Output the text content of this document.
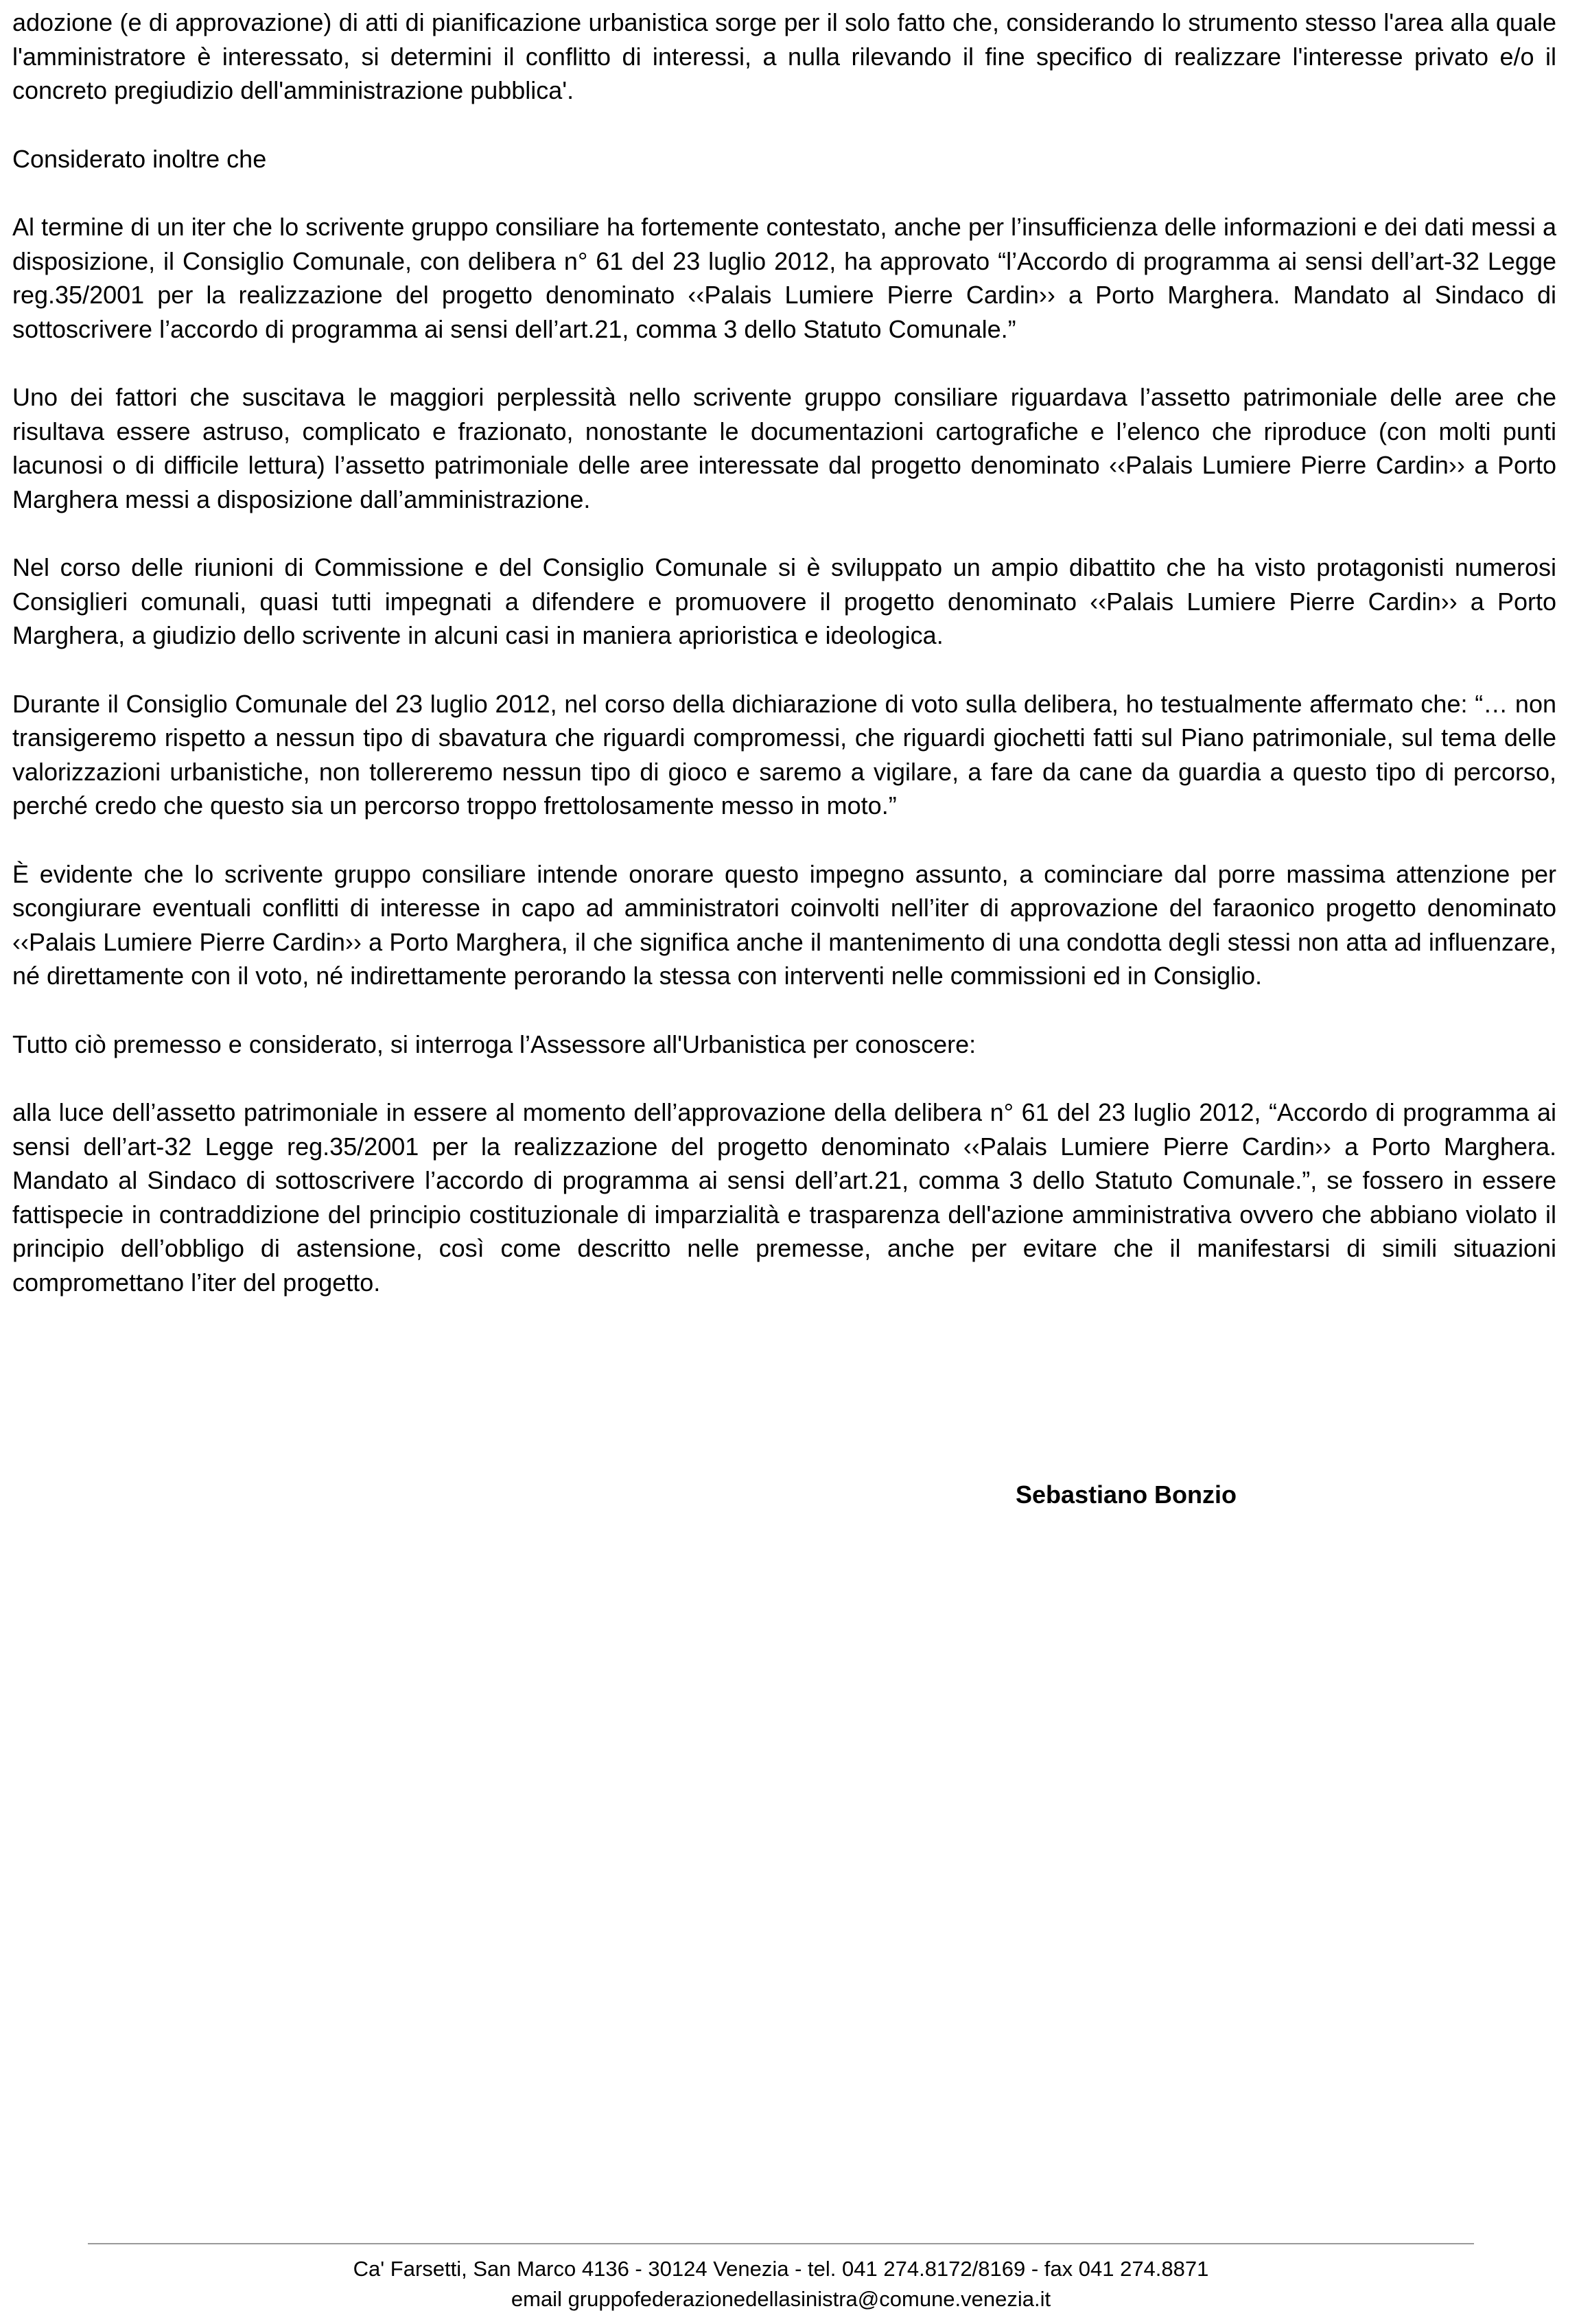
adozione (e di approvazione) di atti di pianificazione urbanistica sorge per il solo fatto che, considerando lo strumento stesso l'area alla quale l'amministratore è interessato, si determini il conflitto di interessi, a nulla rilevando il fine specifico di realizzare l'interesse privato e/o il concreto pregiudizio dell'amministrazione pubblica'.

Considerato inoltre che

Al termine di un iter che lo scrivente gruppo consiliare ha fortemente contestato, anche per l’insufficienza delle informazioni e dei dati messi a disposizione, il Consiglio Comunale, con delibera n° 61 del 23 luglio 2012, ha approvato “l’Accordo di programma ai sensi dell’art-32 Legge reg.35/2001 per la realizzazione del progetto denominato ‹‹Palais Lumiere Pierre Cardin›› a Porto Marghera. Mandato al Sindaco di sottoscrivere l’accordo di programma ai sensi dell’art.21, comma 3 dello Statuto Comunale.”

Uno dei fattori che suscitava le maggiori perplessità nello scrivente gruppo consiliare riguardava l’assetto patrimoniale delle aree che risultava essere astruso, complicato e frazionato, nonostante le documentazioni cartografiche e l’elenco che riproduce (con molti punti lacunosi o di difficile lettura) l’assetto patrimoniale delle aree interessate dal progetto denominato ‹‹Palais Lumiere Pierre Cardin›› a Porto Marghera messi a disposizione dall’amministrazione.

Nel corso delle riunioni di Commissione e del Consiglio Comunale si è sviluppato un ampio dibattito che ha visto protagonisti numerosi Consiglieri comunali, quasi tutti impegnati a difendere e promuovere il progetto denominato ‹‹Palais Lumiere Pierre Cardin›› a Porto Marghera, a giudizio dello scrivente in alcuni casi in maniera aprioristica e ideologica.

Durante il Consiglio Comunale del 23 luglio 2012, nel corso della dichiarazione di voto sulla delibera, ho testualmente affermato che: “… non transigeremo rispetto a nessun tipo di sbavatura che riguardi compromessi, che riguardi giochetti fatti sul Piano patrimoniale, sul tema delle valorizzazioni urbanistiche, non tollereremo nessun tipo di gioco e saremo a vigilare, a fare da cane da guardia a questo tipo di percorso, perché credo che questo sia un percorso troppo frettolosamente messo in moto.”

È evidente che lo scrivente gruppo consiliare intende onorare questo impegno assunto, a cominciare dal porre massima attenzione per scongiurare eventuali conflitti di interesse in capo ad amministratori coinvolti nell’iter di approvazione del faraonico progetto denominato ‹‹Palais Lumiere Pierre Cardin›› a Porto Marghera, il che significa anche il mantenimento di una condotta degli stessi non atta ad influenzare, né direttamente con il voto, né indirettamente perorando la stessa con interventi nelle commissioni ed in Consiglio.

Tutto ciò premesso e considerato, si interroga l’Assessore all'Urbanistica per conoscere:

alla luce dell’assetto patrimoniale in essere al momento dell’approvazione della delibera n° 61 del 23 luglio 2012, “Accordo di programma ai sensi dell’art-32 Legge reg.35/2001 per la realizzazione del progetto denominato ‹‹Palais Lumiere Pierre Cardin›› a Porto Marghera. Mandato al Sindaco di sottoscrivere l’accordo di programma ai sensi dell’art.21, comma 3 dello Statuto Comunale.”, se fossero in essere fattispecie in contraddizione del principio costituzionale di imparzialità e trasparenza dell'azione amministrativa ovvero che abbiano violato il principio dell’obbligo di astensione, così come descritto nelle premesse, anche per evitare che il manifestarsi di simili situazioni compromettano l’iter del progetto.

Sebastiano Bonzio
Ca' Farsetti, San Marco 4136 - 30124 Venezia - tel. 041 274.8172/8169 - fax 041 274.8871
email gruppofederazionedellasinistra@comune.venezia.it
